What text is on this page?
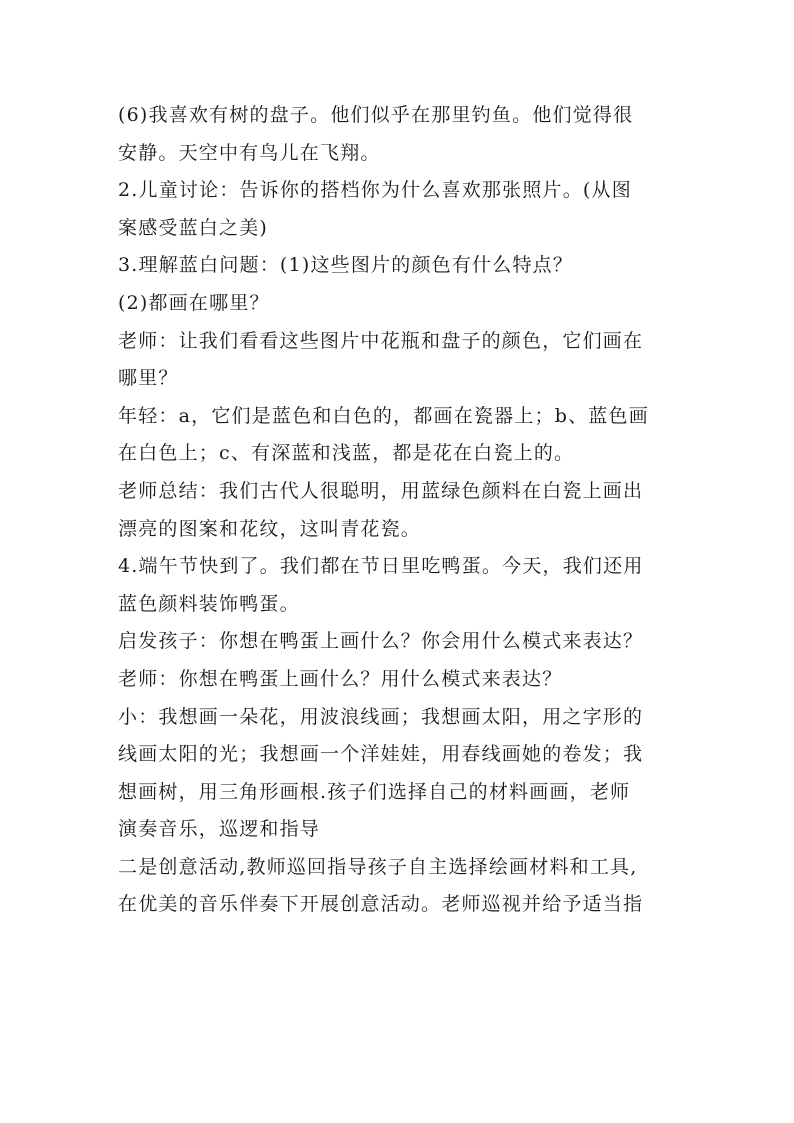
(6)我喜欢有树的盘子。他们似乎在那里钓鱼。他们觉得很
安静。天空中有鸟儿在飞翔。
2.儿童讨论：告诉你的搭档你为什么喜欢那张照片。(从图
案感受蓝白之美)
3.理解蓝白问题：(1)这些图片的颜色有什么特点？
(2)都画在哪里？
老师：让我们看看这些图片中花瓶和盘子的颜色，它们画在
哪里？
年轻：a，它们是蓝色和白色的，都画在瓷器上；b、蓝色画
在白色上；c、有深蓝和浅蓝，都是花在白瓷上的。
老师总结：我们古代人很聪明，用蓝绿色颜料在白瓷上画出
漂亮的图案和花纹，这叫青花瓷。
4.端午节快到了。我们都在节日里吃鸭蛋。今天，我们还用
蓝色颜料装饰鸭蛋。
启发孩子：你想在鸭蛋上画什么？你会用什么模式来表达？
老师：你想在鸭蛋上画什么？用什么模式来表达？
小：我想画一朵花，用波浪线画；我想画太阳，用之字形的
线画太阳的光；我想画一个洋娃娃，用春线画她的卷发；我
想画树，用三角形画根.孩子们选择自己的材料画画，老师
演奏音乐，巡逻和指导
二是创意活动,教师巡回指导孩子自主选择绘画材料和工具,
在优美的音乐伴奏下开展创意活动。老师巡视并给予适当指
